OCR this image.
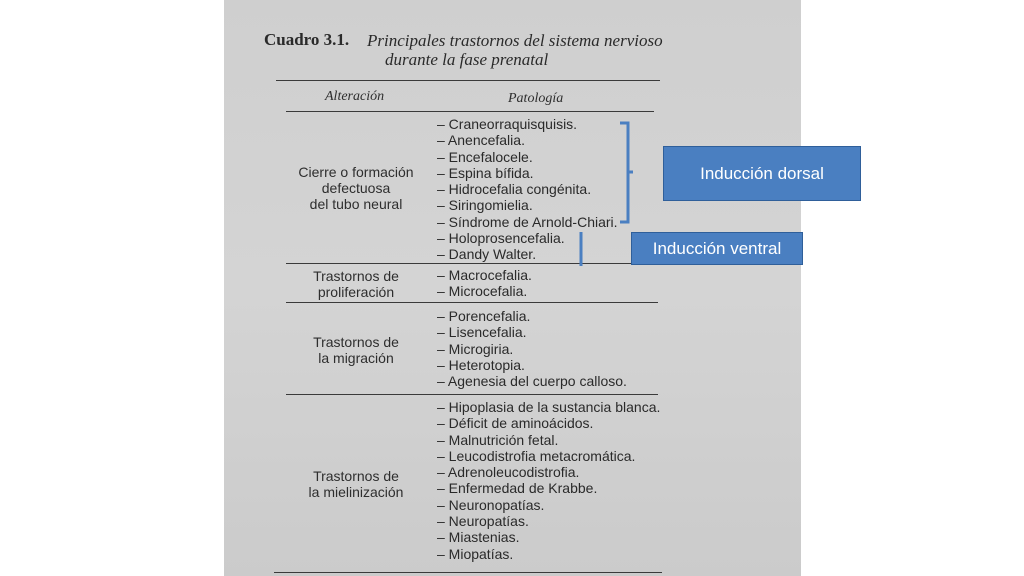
Cuadro 3.1. Principales trastornos del sistema nervioso
durante la fase prenatal
Alteración	Patología
Cierre o formación
defectuosa
del tubo neural
– Craneorraquisquisis.
– Anencefalia.
– Encefalocele.
– Espina bífida.
– Hidrocefalia congénita.
– Siringomielia.
– Síndrome de Arnold-Chiari.
– Holoprosencefalia.
– Dandy Walter.
Trastornos de
proliferación
– Macrocefalia.
– Microcefalia.
Trastornos de
la migración
– Porencefalia.
– Lisencefalia.
– Microgiria.
– Heterotopia.
– Agenesia del cuerpo calloso.
Trastornos de
la mielinización
– Hipoplasia de la sustancia blanca.
– Déficit de aminoácidos.
– Malnutrición fetal.
– Leucodistrofia metacromática.
– Adrenoleucodistrofia.
– Enfermedad de Krabbe.
– Neuronopatías.
– Neuropatías.
– Miastenias.
– Miopatías.
Inducción dorsal
Inducción ventral
